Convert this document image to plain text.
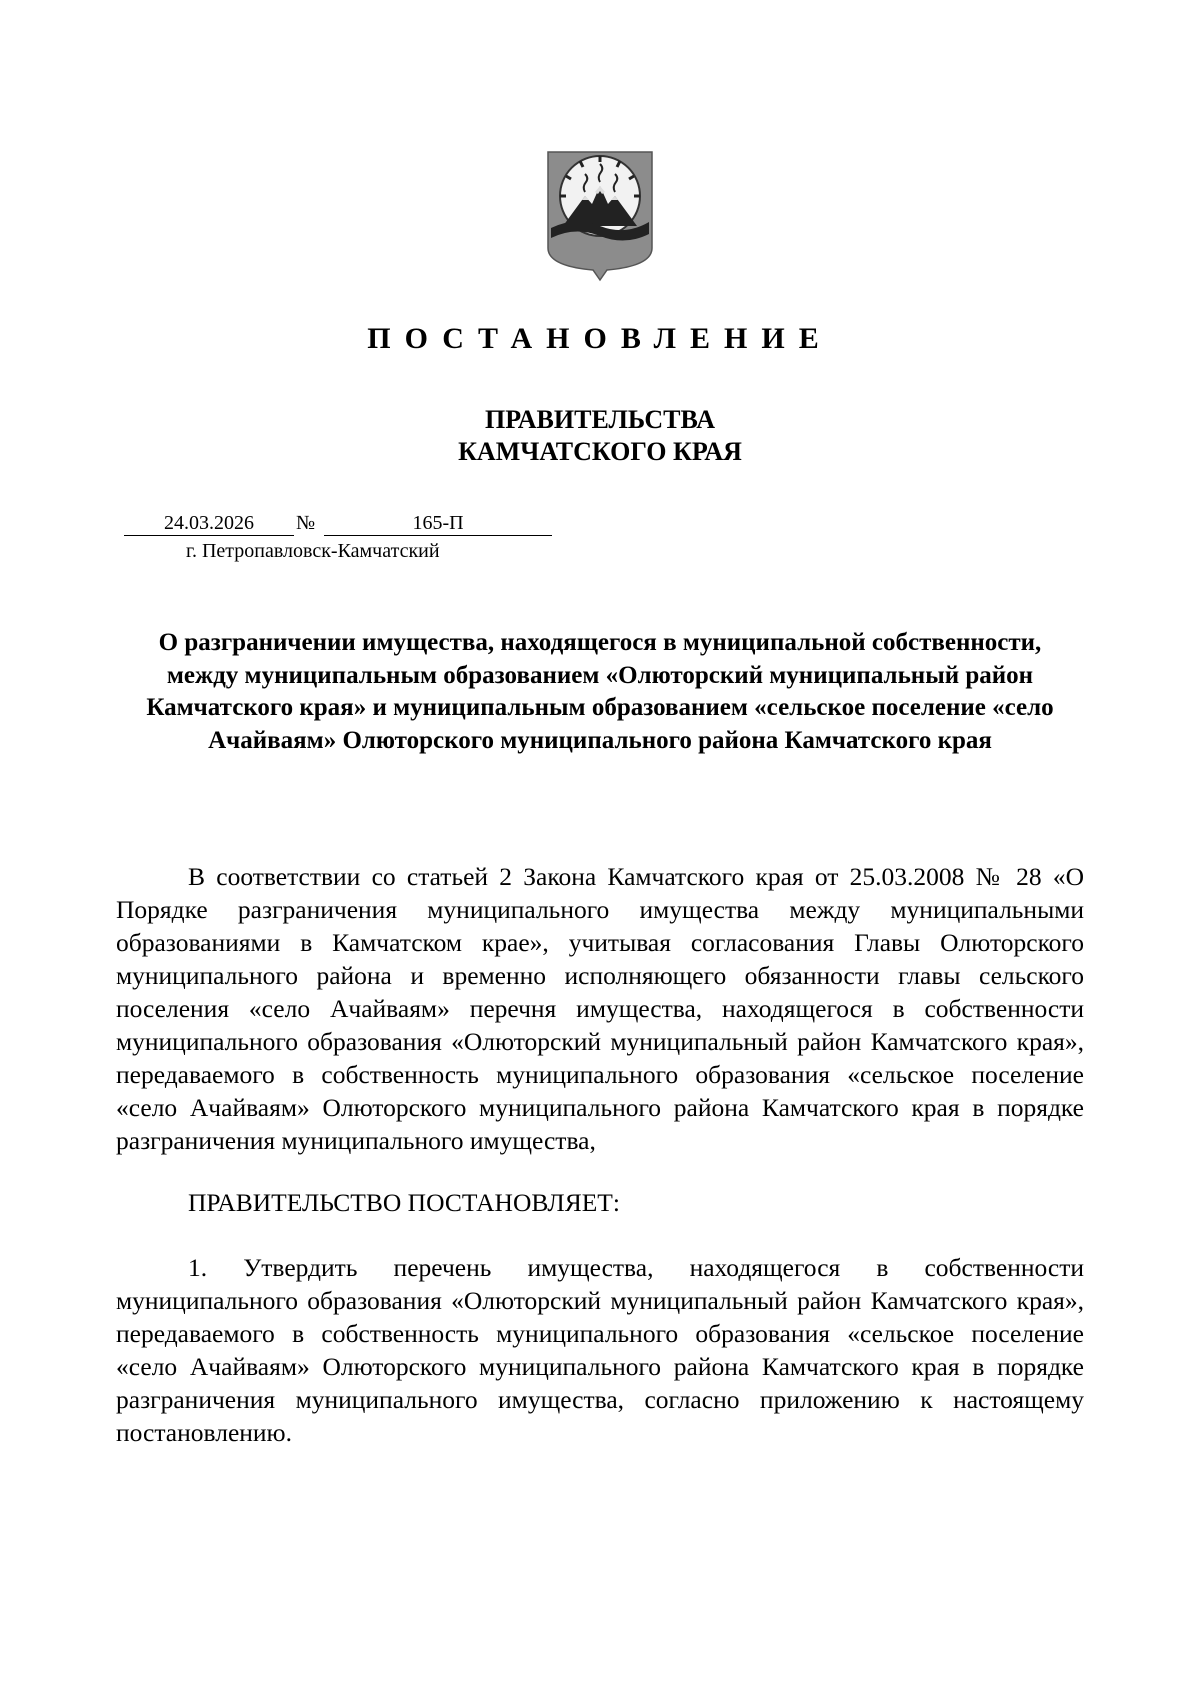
ПОСТАНОВЛЕНИЕ
ПРАВИТЕЛЬСТВА
КАМЧАТСКОГО КРАЯ
24.03.2026	№	165-П
г. Петропавловск-Камчатский
О разграничении имущества, находящегося в муниципальной собственности, между муниципальным образованием «Олюторский муниципальный район Камчатского края» и муниципальным образованием «сельское поселение «село Ачайваям» Олюторского муниципального района Камчатского края
В соответствии со статьей 2 Закона Камчатского края от 25.03.2008 № 28 «О Порядке разграничения муниципального имущества между муниципальными образованиями в Камчатском крае», учитывая согласования Главы Олюторского муниципального района и временно исполняющего обязанности главы сельского поселения «село Ачайваям» перечня имущества, находящегося в собственности муниципального образования «Олюторский муниципальный район Камчатского края», передаваемого в собственность муниципального образования «сельское поселение «село Ачайваям» Олюторского муниципального района Камчатского края в порядке разграничения муниципального имущества,
ПРАВИТЕЛЬСТВО ПОСТАНОВЛЯЕТ:
1. Утвердить перечень имущества, находящегося в собственности муниципального образования «Олюторский муниципальный район Камчатского края», передаваемого в собственность муниципального образования «сельское поселение «село Ачайваям» Олюторского муниципального района Камчатского края в порядке разграничения муниципального имущества, согласно приложению к настоящему постановлению.
